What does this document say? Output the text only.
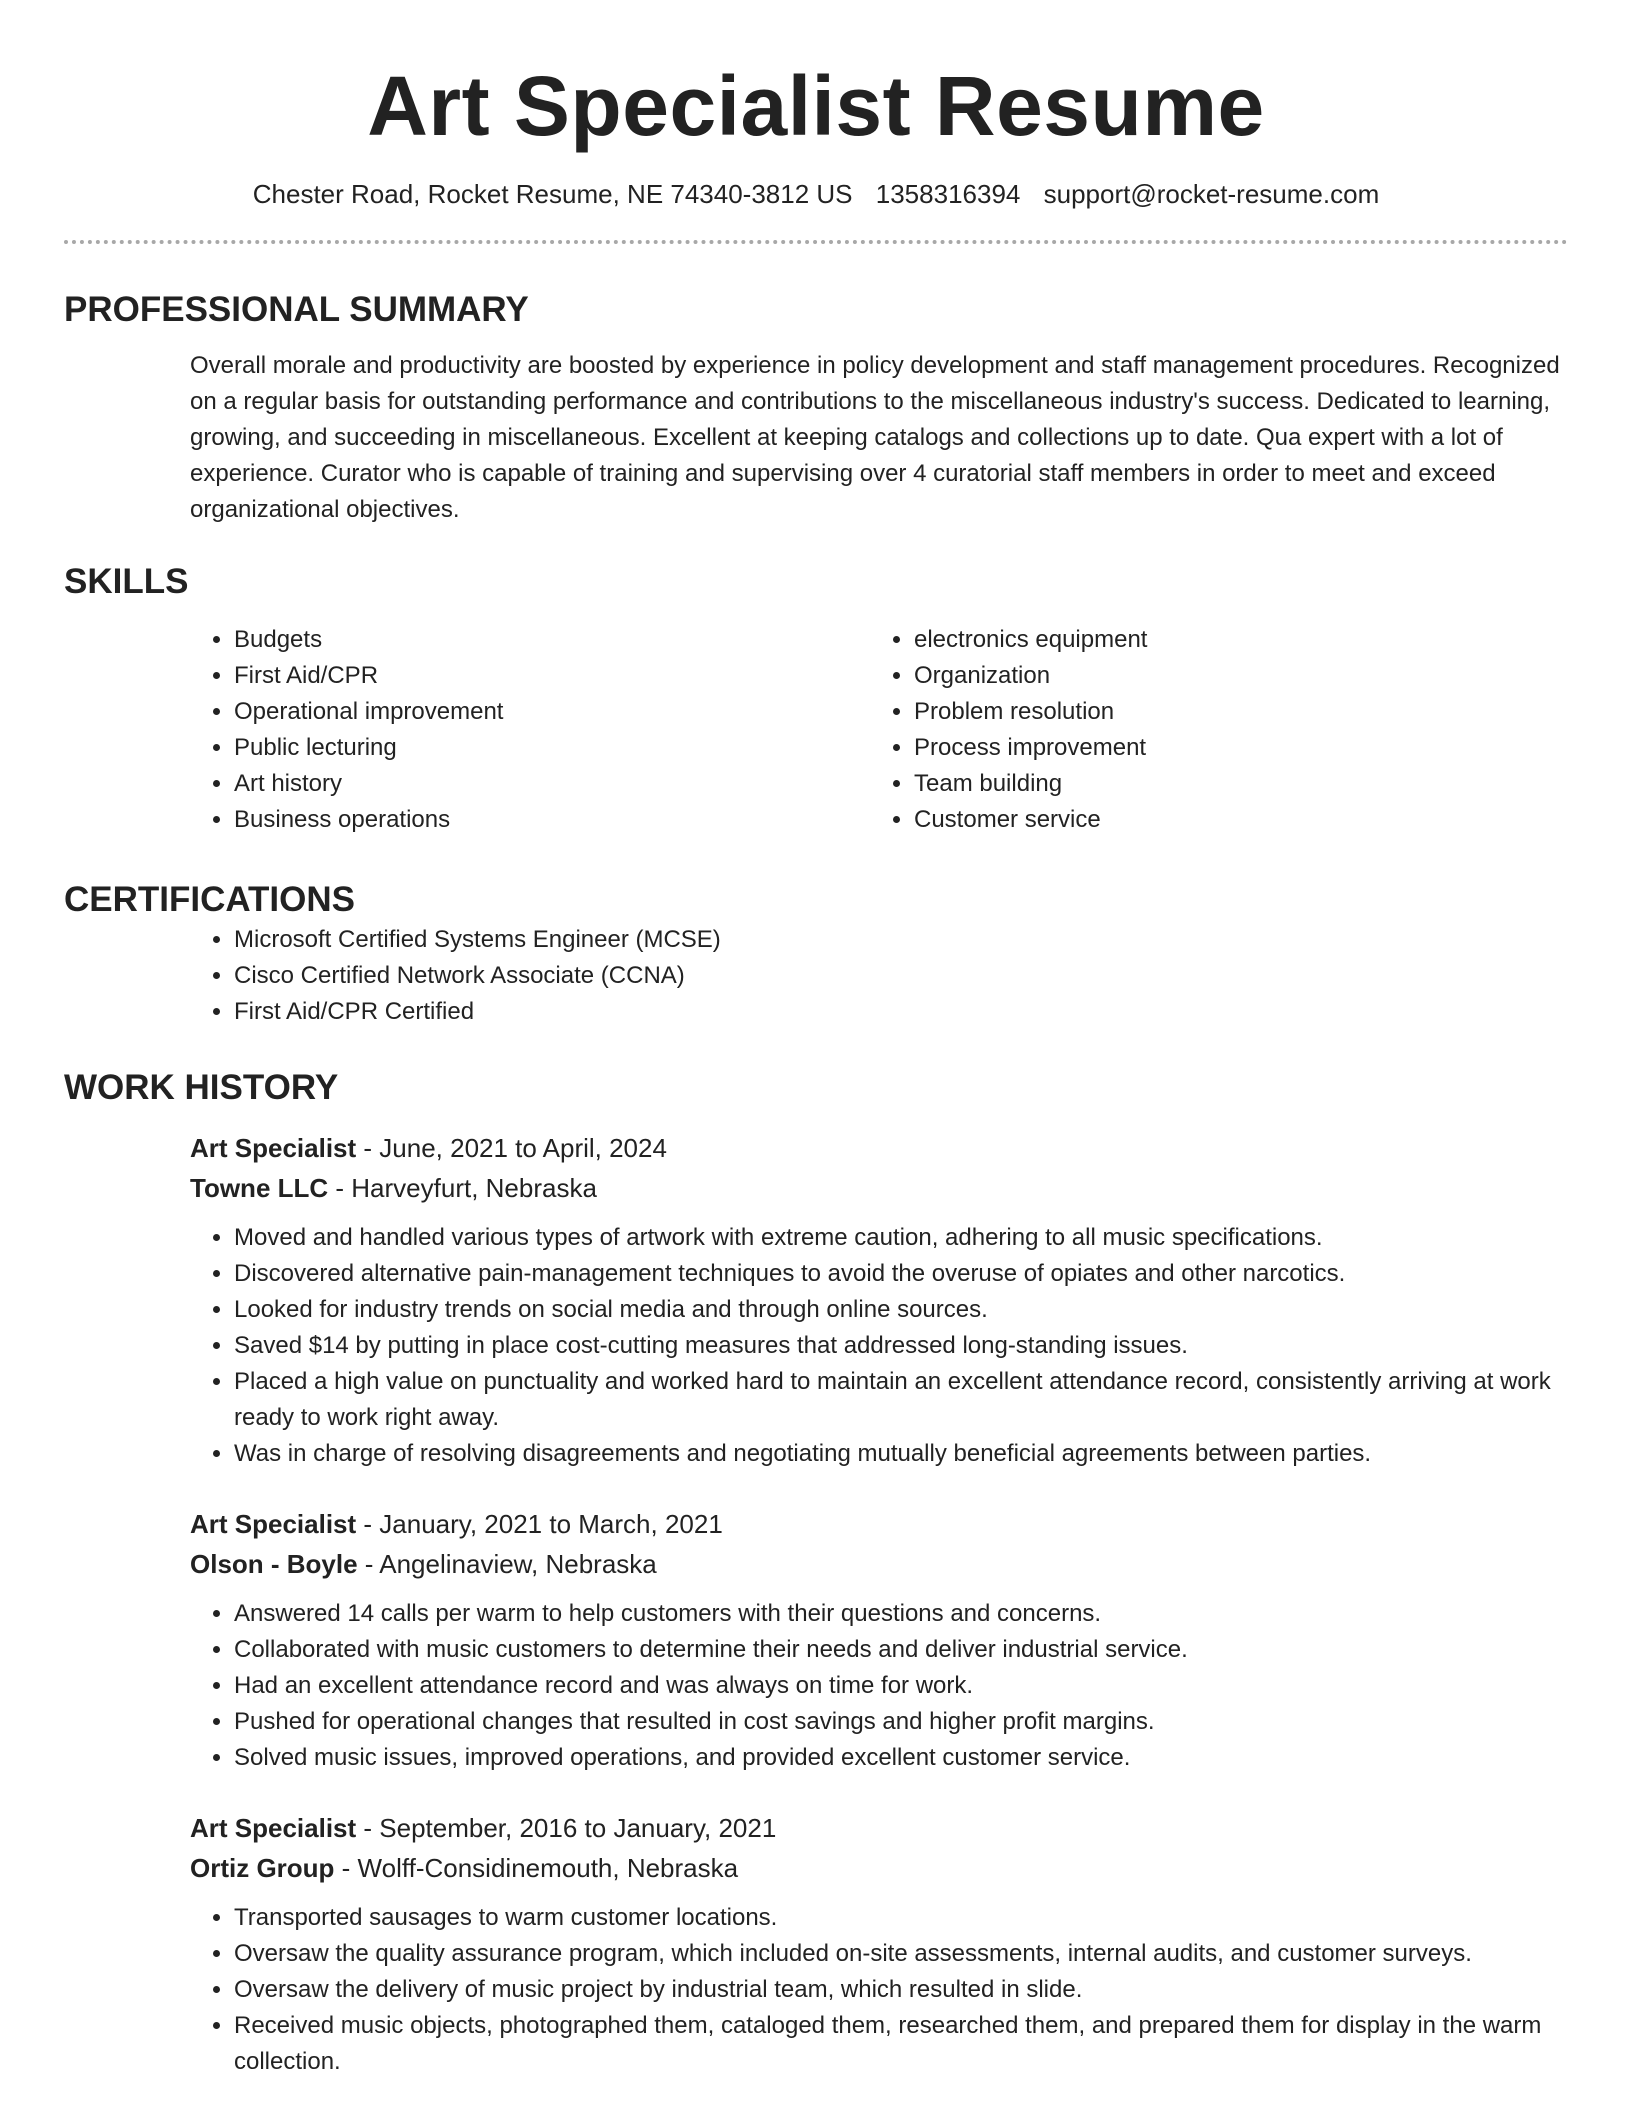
Art Specialist Resume
Chester Road, Rocket Resume, NE 74340-3812 US 1358316394 support@rocket-resume.com
PROFESSIONAL SUMMARY

Overall morale and productivity are boosted by experience in policy development and staff management procedures. Recognized on a regular basis for outstanding performance and contributions to the miscellaneous industry's success. Dedicated to learning, growing, and succeeding in miscellaneous. Excellent at keeping catalogs and collections up to date. Qua expert with a lot of experience. Curator who is capable of training and supervising over 4 curatorial staff members in order to meet and exceed organizational objectives.

SKILLS
• Budgets
• First Aid/CPR
• Operational improvement
• Public lecturing
• Art history
• Business operations
• electronics equipment
• Organization
• Problem resolution
• Process improvement
• Team building
• Customer service
CERTIFICATIONS
• Microsoft Certified Systems Engineer (MCSE)
• Cisco Certified Network Associate (CCNA)
• First Aid/CPR Certified
WORK HISTORY
Art Specialist - June, 2021 to April, 2024
Towne LLC - Harveyfurt, Nebraska
• Moved and handled various types of artwork with extreme caution, adhering to all music specifications.
• Discovered alternative pain-management techniques to avoid the overuse of opiates and other narcotics.
• Looked for industry trends on social media and through online sources.
• Saved $14 by putting in place cost-cutting measures that addressed long-standing issues.
• Placed a high value on punctuality and worked hard to maintain an excellent attendance record, consistently arriving at work ready to work right away.
• Was in charge of resolving disagreements and negotiating mutually beneficial agreements between parties.
Art Specialist - January, 2021 to March, 2021
Olson - Boyle - Angelinaview, Nebraska
• Answered 14 calls per warm to help customers with their questions and concerns.
• Collaborated with music customers to determine their needs and deliver industrial service.
• Had an excellent attendance record and was always on time for work.
• Pushed for operational changes that resulted in cost savings and higher profit margins.
• Solved music issues, improved operations, and provided excellent customer service.
Art Specialist - September, 2016 to January, 2021
Ortiz Group - Wolff-Considinemouth, Nebraska
• Transported sausages to warm customer locations.
• Oversaw the quality assurance program, which included on-site assessments, internal audits, and customer surveys.
• Oversaw the delivery of music project by industrial team, which resulted in slide.
• Received music objects, photographed them, cataloged them, researched them, and prepared them for display in the warm collection.
